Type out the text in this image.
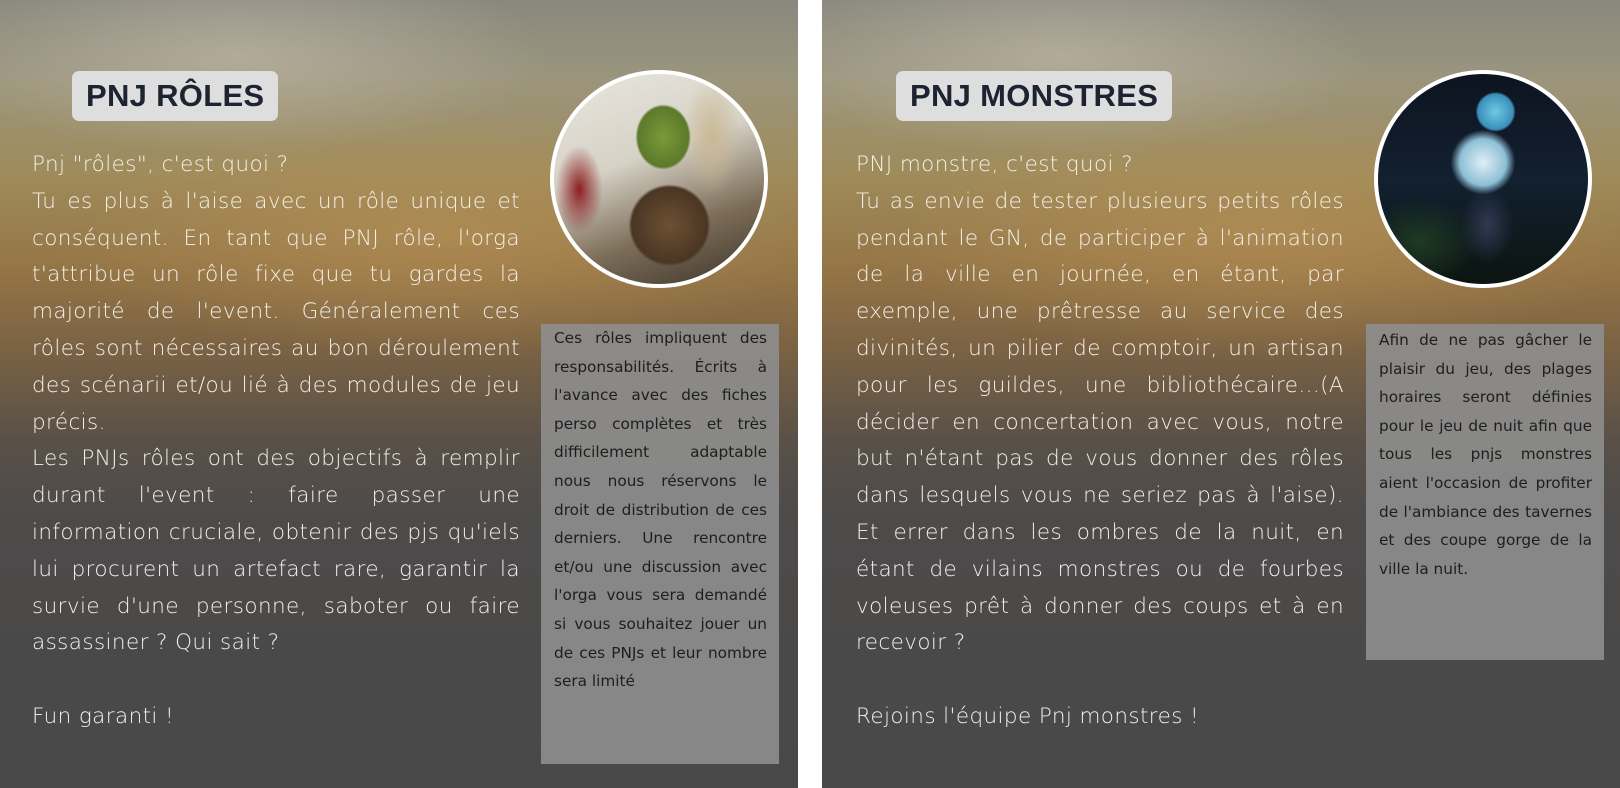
PNJ RÔLES

Pnj "rôles", c'est quoi ?

Tu es plus à l'aise avec un rôle unique et conséquent. En tant que PNJ rôle, l'orga t'attribue un rôle fixe que tu gardes la majorité de l'event. Généralement ces rôles sont nécessaires au bon déroulement des scénarii et/ou lié à des modules de jeu précis.

Les PNJs rôles ont des objectifs à remplir durant l'event : faire passer une information cruciale, obtenir des pjs qu'iels lui procurent un artefact rare, garantir la survie d'une personne, saboter ou faire assassiner ? Qui sait ?

Fun garanti !

Ces rôles impliquent des responsabilités. Écrits à l'avance avec des fiches perso complètes et très difficilement adaptable nous nous réservons le droit de distribution de ces derniers. Une rencontre et/ou une discussion avec l'orga vous sera demandé si vous souhaitez jouer un de ces PNJs et leur nombre sera limité
PNJ MONSTRES

PNJ monstre, c'est quoi ?

Tu as envie de tester plusieurs petits rôles pendant le GN, de participer à l'animation de la ville en journée, en étant, par exemple, une prêtresse au service des divinités, un pilier de comptoir, un artisan pour les guildes, une bibliothécaire...(A décider en concertation avec vous, notre but n'étant pas de vous donner des rôles dans lesquels vous ne seriez pas à l'aise). Et errer dans les ombres de la nuit, en étant de vilains monstres ou de fourbes voleuses prêt à donner des coups et à en recevoir ?

Rejoins l'équipe Pnj monstres !

Afin de ne pas gâcher le plaisir du jeu, des plages horaires seront définies pour le jeu de nuit afin que tous les pnjs monstres aient l'occasion de profiter de l'ambiance des tavernes et des coupe gorge de la ville la nuit.
